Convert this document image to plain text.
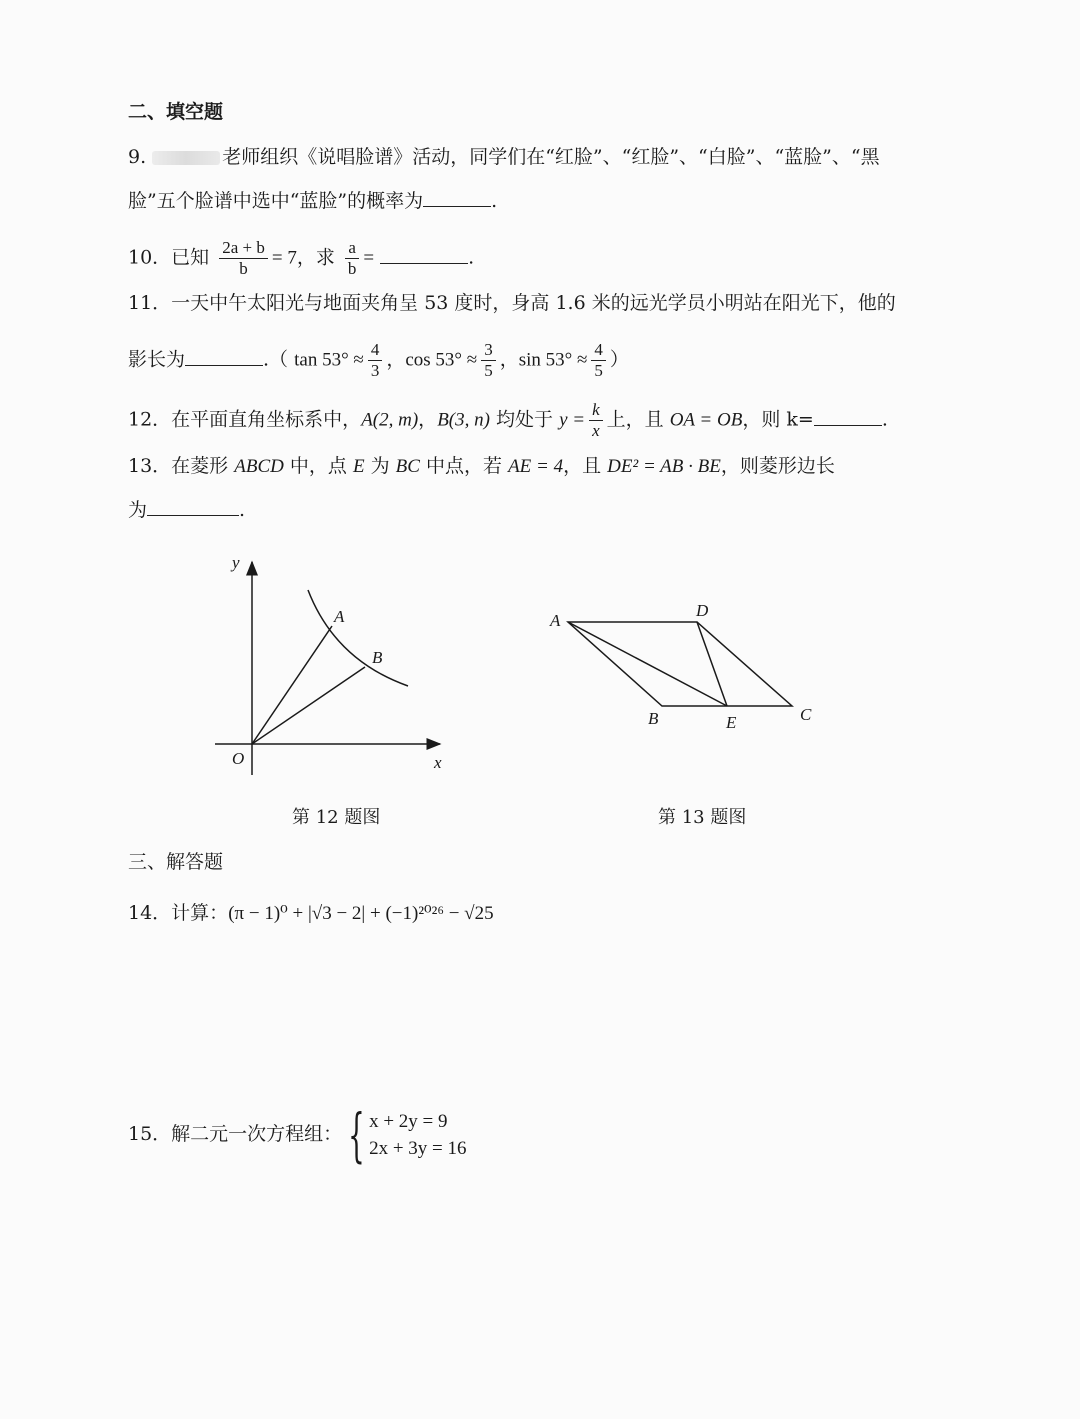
二、填空题
9.	老师组织《说唱脸谱》活动，同学们在“红脸”、“红脸”、“白脸”、“蓝脸”、“黑
脸”五个脸谱中选中“蓝脸”的概率为	.
10．已知 $\frac{2a + b}{b} = 7$，求 $\frac{a}{b}$ =	.
11．一天中午太阳光与地面夹角呈 53 度时，身高 1.6 米的远光学员小明站在阳光下，他的
影长为	.（ $\tan 53^\circ \approx \frac{4}{3}$ ，$\cos 53^\circ \approx \frac{3}{5}$ ，$\sin 53^\circ \approx \frac{4}{5}$ ）
12．在平面直角坐标系中，A(2, m)，B(3, n) 均处于 $y = \frac{k}{x}$ 上，且 OA = OB，则 k=	.
13．在菱形 ABCD 中，点 E 为 BC 中点，若 AE = 4，且 DE² = AB · BE，则菱形边长
为	.
y
x
O
A
B
第 12 题图
A
D
B	E	C
第 13 题图
三、解答题
14．计算：(π − 1)⁰ + |√3 − 2| + (−1)²⁰²⁶ − √25
15．解二元一次方程组： { x + 2y = 9
2x + 3y = 16
